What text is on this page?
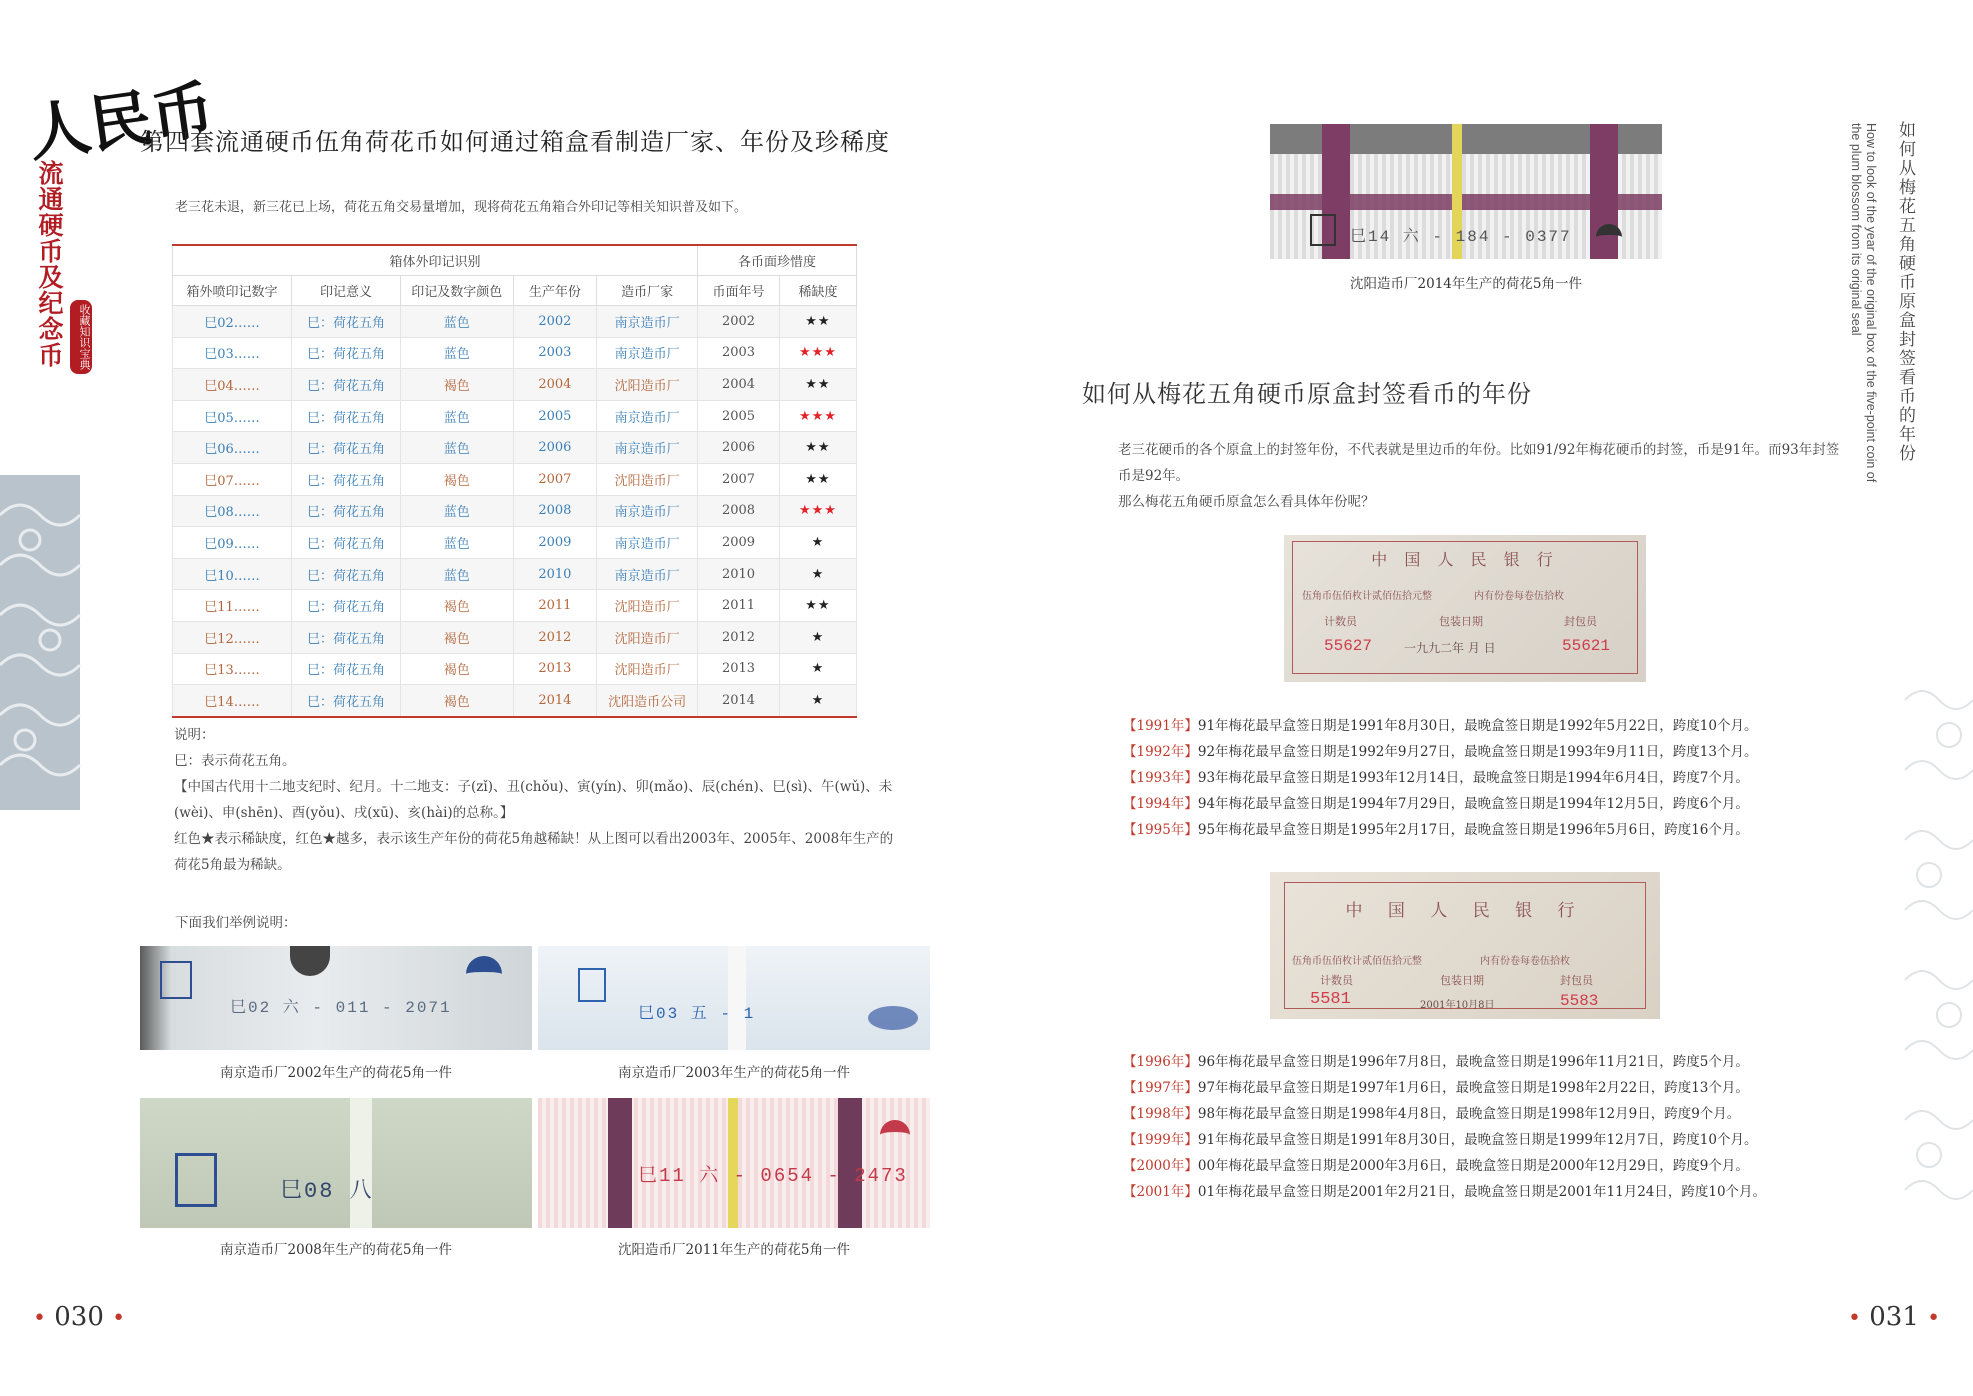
人民币
流通硬币及纪念币	收藏知识宝典
第四套流通硬币伍角荷花币如何通过箱盒看制造厂家、年份及珍稀度
老三花未退，新三花已上场，荷花五角交易量增加，现将荷花五角箱合外印记等相关知识普及如下。
箱体外印记识别					各币面珍惜度	
箱外喷印记数字	印记意义	印记及数字颜色	生产年份	造币厂家	币面年号	稀缺度
巳02……	巳：荷花五角	蓝色	2002	南京造币厂	2002	★★
巳03……	巳：荷花五角	蓝色	2003	南京造币厂	2003	★★★
巳04……	巳：荷花五角	褐色	2004	沈阳造币厂	2004	★★
巳05……	巳：荷花五角	蓝色	2005	南京造币厂	2005	★★★
巳06……	巳：荷花五角	蓝色	2006	南京造币厂	2006	★★
巳07……	巳：荷花五角	褐色	2007	沈阳造币厂	2007	★★
巳08……	巳：荷花五角	蓝色	2008	南京造币厂	2008	★★★
巳09……	巳：荷花五角	蓝色	2009	南京造币厂	2009	★
巳10……	巳：荷花五角	蓝色	2010	南京造币厂	2010	★
巳11……	巳：荷花五角	褐色	2011	沈阳造币厂	2011	★★
巳12……	巳：荷花五角	褐色	2012	沈阳造币厂	2012	★
巳13……	巳：荷花五角	褐色	2013	沈阳造币厂	2013	★
巳14……	巳：荷花五角	褐色	2014	沈阳造币公司	2014	★

说明：

巳：表示荷花五角。

【中国古代用十二地支纪时、纪月。十二地支：子(zǐ)、丑(chǒu)、寅(yín)、卯(mǎo)、辰(chén)、巳(sì)、午(wǔ)、未(wèi)、申(shēn)、酉(yǒu)、戌(xū)、亥(hài)的总称。】

红色★表示稀缺度，红色★越多，表示该生产年份的荷花5角越稀缺！从上图可以看出2003年、2005年、2008年生产的荷花5角最为稀缺。

下面我们举例说明：
巳02 六 - 011 - 2071
南京造币厂2002年生产的荷花5角一件
巳03 五 - 1
南京造币厂2003年生产的荷花5角一件
巳08 八
南京造币厂2008年生产的荷花5角一件
巳11 六 - 0654 - 2473
沈阳造币厂2011年生产的荷花5角一件
• 030 •
巳14 六 - 184 - 0377
沈阳造币厂2014年生产的荷花5角一件
如何从梅花五角硬币原盒封签看币的年份

老三花硬币的各个原盒上的封签年份，不代表就是里边币的年份。比如91/92年梅花硬币的封签，币是91年。而93年封签币是92年。

那么梅花五角硬币原盒怎么看具体年份呢？

中 国 人 民 银 行
伍角币伍佰枚计贰佰伍拾元整	内有份卷每卷伍拾枚
计数员	包装日期	封包员
55627	一九九二年 月 日	55621
【1991年】91年梅花最早盒签日期是1991年8月30日，最晚盒签日期是1992年5月22日，跨度10个月。
【1992年】92年梅花最早盒签日期是1992年9月27日，最晚盒签日期是1993年9月11日，跨度13个月。
【1993年】93年梅花最早盒签日期是1993年12月14日，最晚盒签日期是1994年6月4日，跨度7个月。
【1994年】94年梅花最早盒签日期是1994年7月29日，最晚盒签日期是1994年12月5日，跨度6个月。
【1995年】95年梅花最早盒签日期是1995年2月17日，最晚盒签日期是1996年5月6日，跨度16个月。
中 国 人 民 银 行
伍角币伍佰枚计贰佰伍拾元整	内有份卷每卷伍拾枚
计数员	包装日期	封包员
5581	2001年10月8日	5583
【1996年】96年梅花最早盒签日期是1996年7月8日，最晚盒签日期是1996年11月21日，跨度5个月。
【1997年】97年梅花最早盒签日期是1997年1月6日，最晚盒签日期是1998年2月22日，跨度13个月。
【1998年】98年梅花最早盒签日期是1998年4月8日，最晚盒签日期是1998年12月9日，跨度9个月。
【1999年】91年梅花最早盒签日期是1991年8月30日，最晚盒签日期是1999年12月7日，跨度10个月。
【2000年】00年梅花最早盒签日期是2000年3月6日，最晚盒签日期是2000年12月29日，跨度9个月。
【2001年】01年梅花最早盒签日期是2001年2月21日，最晚盒签日期是2001年11月24日，跨度10个月。
How to look of the year of the original box of the five-point coin of the plum blossom from its original seal	如何从梅花五角硬币原盒封签看币的年份
• 031 •
